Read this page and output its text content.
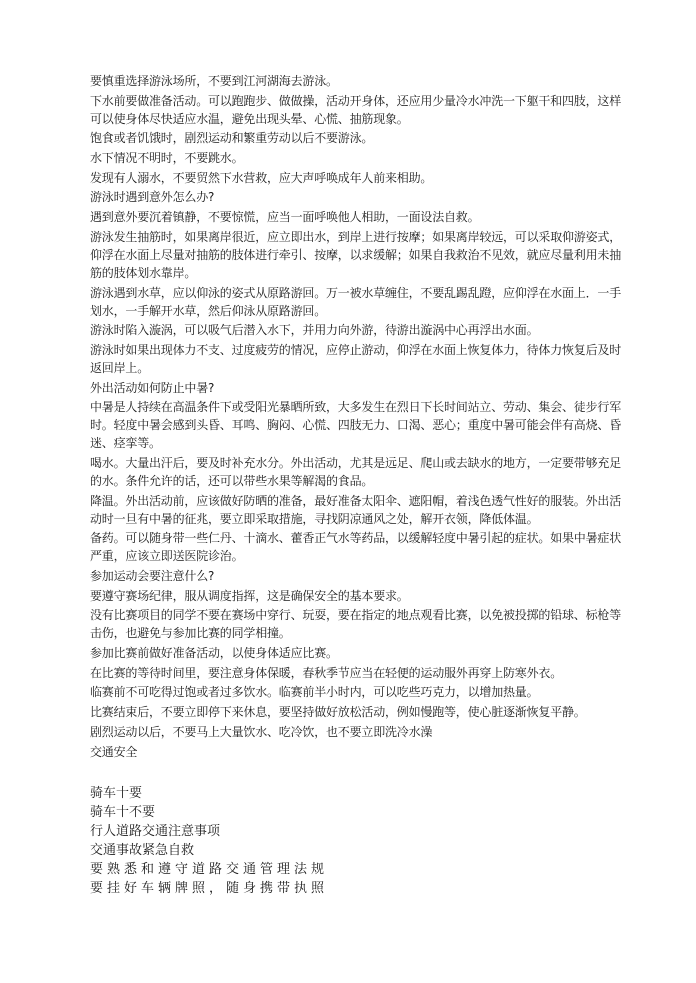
要慎重选择游泳场所，不要到江河湖海去游泳。

下水前要做准备活动。可以跑跑步、做做操，活动开身体，还应用少量冷水冲洗一下躯干和四肢，这样可以使身体尽快适应水温，避免出现头晕、心慌、抽筋现象。

饱食或者饥饿时，剧烈运动和繁重劳动以后不要游泳。

水下情况不明时，不要跳水。

发现有人溺水，不要贸然下水营救，应大声呼唤成年人前来相助。

游泳时遇到意外怎么办?

遇到意外要沉着镇静，不要惊慌，应当一面呼唤他人相助，一面设法自救。

游泳发生抽筋时，如果离岸很近，应立即出水，到岸上进行按摩；如果离岸较远，可以采取仰游姿式，仰浮在水面上尽量对抽筋的肢体进行牵引、按摩，以求缓解；如果自我救治不见效，就应尽量利用未抽筋的肢体划水靠岸。

游泳遇到水草，应以仰泳的姿式从原路游回。万一被水草缠住，不要乱踢乱蹬，应仰浮在水面上．一手划水，一手解开水草，然后仰泳从原路游回。

游泳时陷入漩涡，可以吸气后潜入水下，并用力向外游，待游出漩涡中心再浮出水面。

游泳时如果出现体力不支、过度疲劳的情况，应停止游动，仰浮在水面上恢复体力，待体力恢复后及时返回岸上。

外出活动如何防止中暑?

中暑是人持续在高温条件下或受阳光暴晒所致，大多发生在烈日下长时间站立、劳动、集会、徒步行军时。轻度中暑会感到头昏、耳鸣、胸闷、心慌、四肢无力、口渴、恶心；重度中暑可能会伴有高烧、昏迷、痉挛等。

喝水。大量出汗后，要及时补充水分。外出活动，尤其是远足、爬山或去缺水的地方，一定要带够充足的水。条件允许的话，还可以带些水果等解渴的食品。

降温。外出活动前，应该做好防晒的准备，最好准备太阳伞、遮阳帽，着浅色透气性好的服装。外出活动时一旦有中暑的征兆，要立即采取措施，寻找阴凉通风之处，解开衣领，降低体温。

备药。可以随身带一些仁丹、十滴水、藿香正气水等药品，以缓解轻度中暑引起的症状。如果中暑症状严重，应该立即送医院诊治。

参加运动会要注意什么?

要遵守赛场纪律，服从调度指挥，这是确保安全的基本要求。

没有比赛项目的同学不要在赛场中穿行、玩耍，要在指定的地点观看比赛，以免被投掷的铅球、标枪等击伤，也避免与参加比赛的同学相撞。

参加比赛前做好准备活动，以使身体适应比赛。

在比赛的等待时间里，要注意身体保暖，春秋季节应当在轻便的运动服外再穿上防寒外衣。

临赛前不可吃得过饱或者过多饮水。临赛前半小时内，可以吃些巧克力，以增加热量。

比赛结束后，不要立即停下来休息，要坚持做好放松活动，例如慢跑等，使心脏逐渐恢复平静。

剧烈运动以后，不要马上大量饮水、吃冷饮，也不要立即洗冷水澡

交通安全

骑车十要

骑车十不要

行人道路交通注意事项

交通事故紧急自救

要熟悉和遵守道路交通管理法规

要挂好车辆牌照，随身携带执照
